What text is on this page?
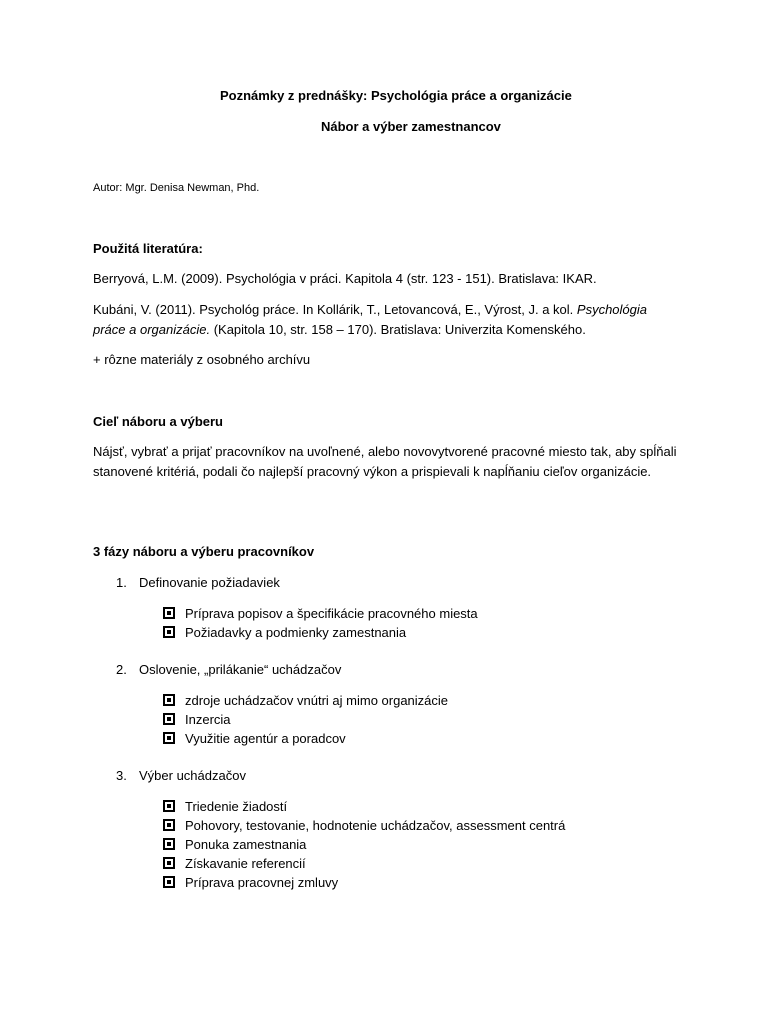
Poznámky z prednášky: Psychológia práce a organizácie
Nábor a výber zamestnancov
Autor: Mgr. Denisa Newman, Phd.
Použitá literatúra:
Berryová, L.M. (2009). Psychológia v práci. Kapitola 4 (str. 123 - 151). Bratislava: IKAR.
Kubáni, V. (2011). Psychológ práce. In Kollárik, T., Letovancová, E., Výrost, J. a kol. Psychológia práce a organizácie. (Kapitola 10, str. 158 – 170). Bratislava: Univerzita Komenského.
+ rôzne materiály z osobného archívu
Cieľ náboru a výberu
Nájsť, vybrať a prijať pracovníkov na uvoľnené, alebo novovytvorené pracovné miesto tak, aby spĺňali stanovené kritériá, podali čo najlepší pracovný výkon a prispievali k napĺňaniu cieľov organizácie.
3 fázy náboru a výberu pracovníkov
1. Definovanie požiadaviek
Príprava popisov a špecifikácie pracovného miesta
Požiadavky a podmienky zamestnania
2. Oslovenie, „prilákanie“ uchádzačov
zdroje uchádzačov vnútri aj mimo organizácie
Inzercia
Využitie agentúr a poradcov
3. Výber uchádzačov
Triedenie žiadostí
Pohovory, testovanie, hodnotenie uchádzačov, assessment centrá
Ponuka zamestnania
Získavanie referencií
Príprava pracovnej zmluvy
